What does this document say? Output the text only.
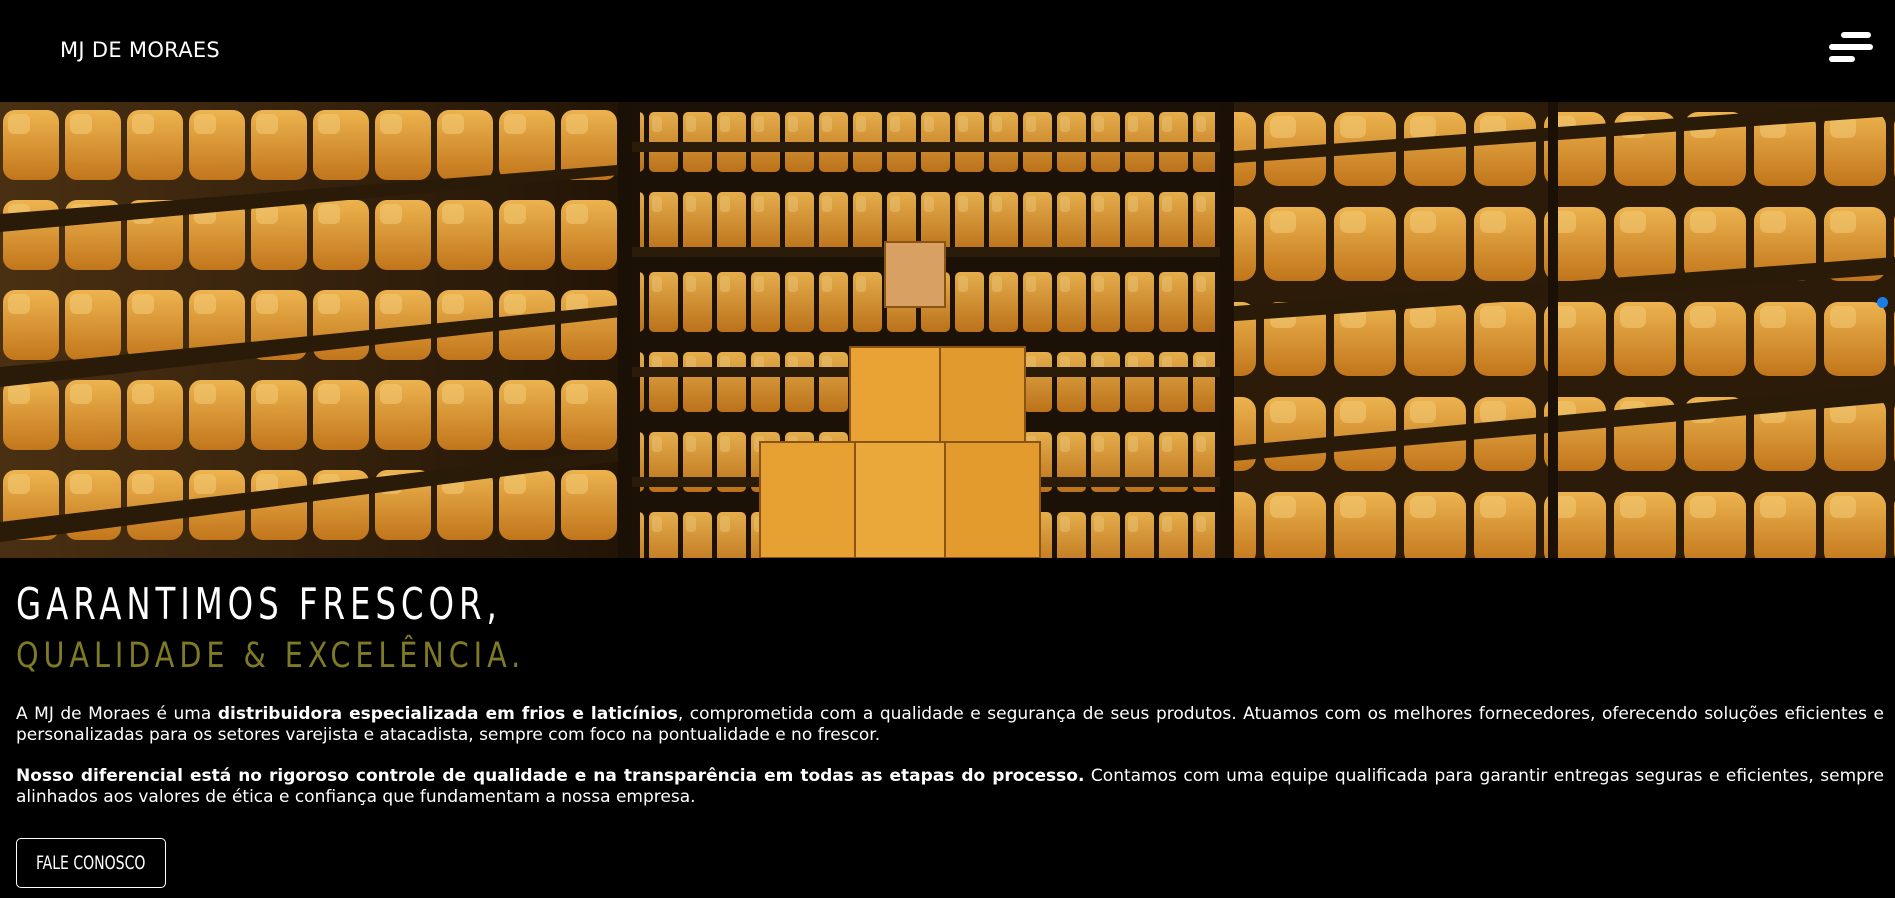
MJ DE MORAES
GARANTIMOS FRESCOR,
QUALIDADE & EXCELÊNCIA.

A MJ de Moraes é uma distribuidora especializada em frios e laticínios, comprometida com a qualidade e segurança de seus produtos. Atuamos com os melhores fornecedores, oferecendo soluções eficientes e personalizadas para os setores varejista e atacadista, sempre com foco na pontualidade e no frescor.

Nosso diferencial está no rigoroso controle de qualidade e na transparência em todas as etapas do processo. Contamos com uma equipe qualificada para garantir entregas seguras e eficientes, sempre alinhados aos valores de ética e confiança que fundamentam a nossa empresa.

FALE CONOSCO
